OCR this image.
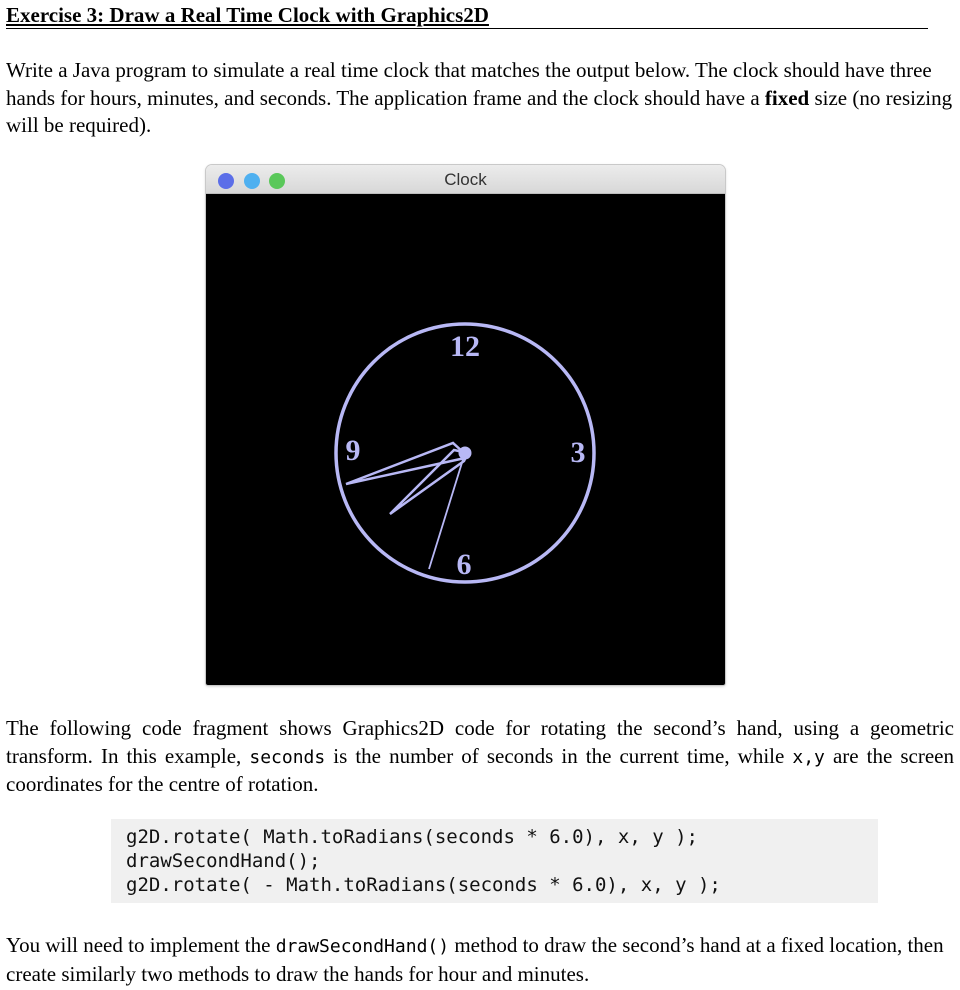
Exercise 3: Draw a Real Time Clock with Graphics2D

Write a Java program to simulate a real time clock that matches the output below. The clock should have three hands for hours, minutes, and seconds. The application frame and the clock should have a fixed size (no resizing will be required).

Clock
12
3
6
9

The following code fragment shows Graphics2D code for rotating the second’s hand, using a geometric transform. In this example, seconds is the number of seconds in the current time, while x,y are the screen coordinates for the centre of rotation.

g2D.rotate( Math.toRadians(seconds * 6.0), x, y );
drawSecondHand();
g2D.rotate( - Math.toRadians(seconds * 6.0), x, y );

You will need to implement the drawSecondHand() method to draw the second’s hand at a fixed location, then create similarly two methods to draw the hands for hour and minutes.
